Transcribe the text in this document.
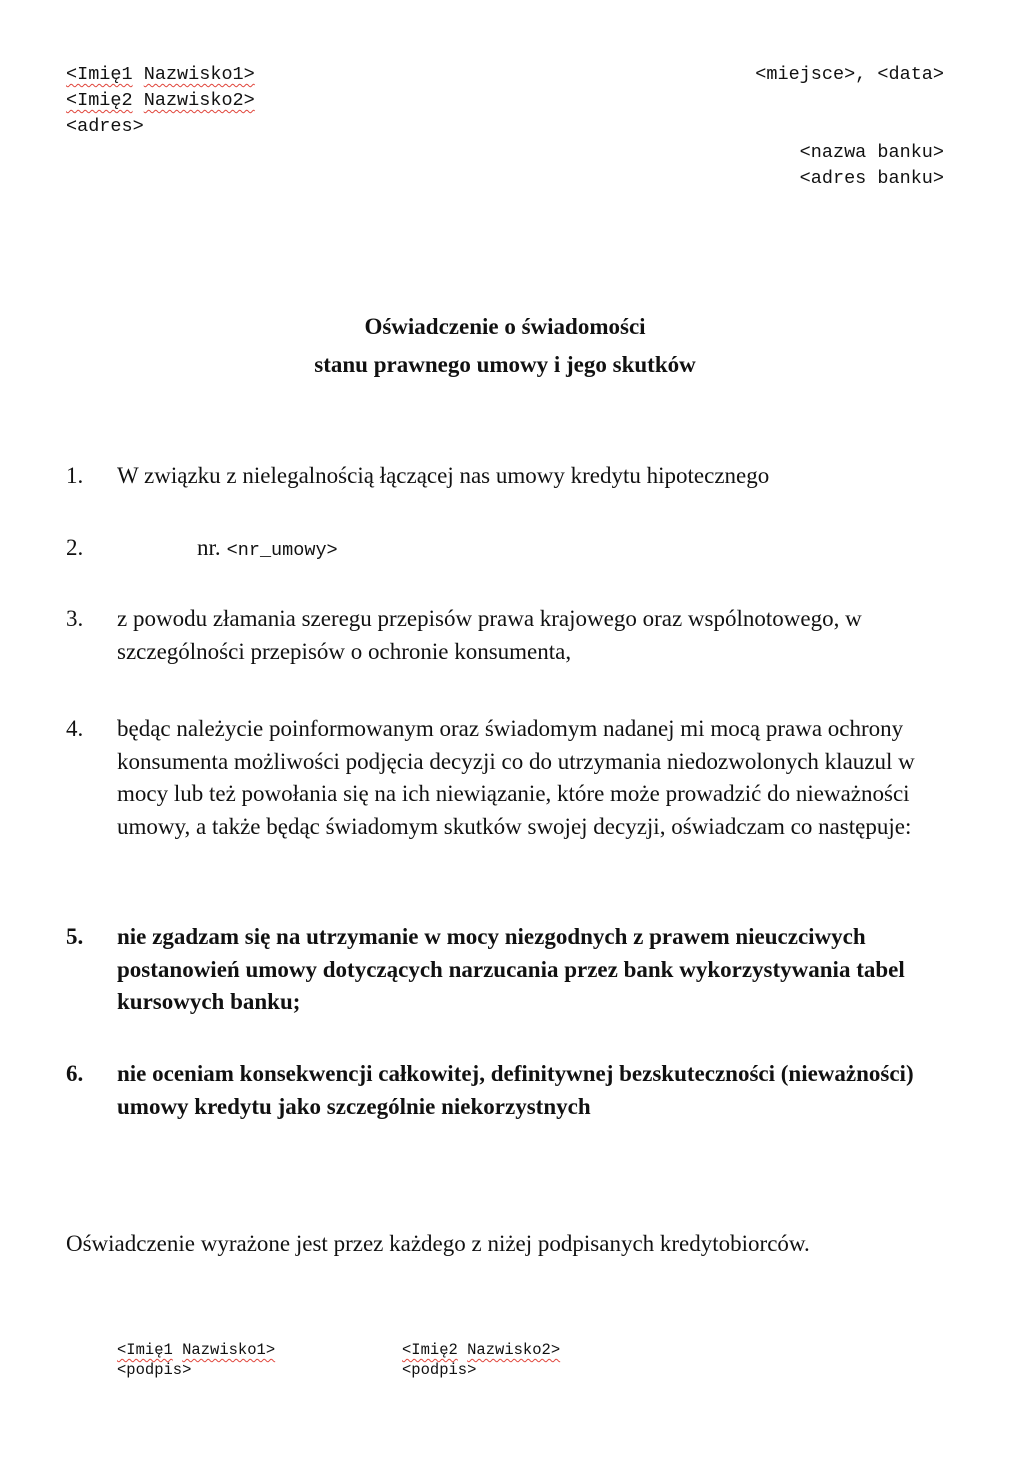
<Imię1 Nazwisko1>
<Imię2 Nazwisko2>
<adres>
<miejsce>, <data>
<nazwa banku>
<adres banku>
Oświadczenie o świadomości
stanu prawnego umowy i jego skutków
1. W związku z nielegalnością łączącej nas umowy kredytu hipotecznego
2.	nr. <nr_umowy>
3. z powodu złamania szeregu przepisów prawa krajowego oraz wspólnotowego, w szczególności przepisów o ochronie konsumenta,
4. będąc należycie poinformowanym oraz świadomym nadanej mi mocą prawa ochrony konsumenta możliwości podjęcia decyzji co do utrzymania niedozwolonych klauzul w mocy lub też powołania się na ich niewiązanie, które może prowadzić do nieważności umowy, a także będąc świadomym skutków swojej decyzji, oświadczam co następuje:
5. nie zgadzam się na utrzymanie w mocy niezgodnych z prawem nieuczciwych postanowień umowy dotyczących narzucania przez bank wykorzystywania tabel kursowych banku;
6. nie oceniam konsekwencji całkowitej, definitywnej bezskuteczności (nieważności) umowy kredytu jako szczególnie niekorzystnych
Oświadczenie wyrażone jest przez każdego z niżej podpisanych kredytobiorców.
<Imię1 Nazwisko1>
<podpis>
<Imię2 Nazwisko2>
<podpis>
